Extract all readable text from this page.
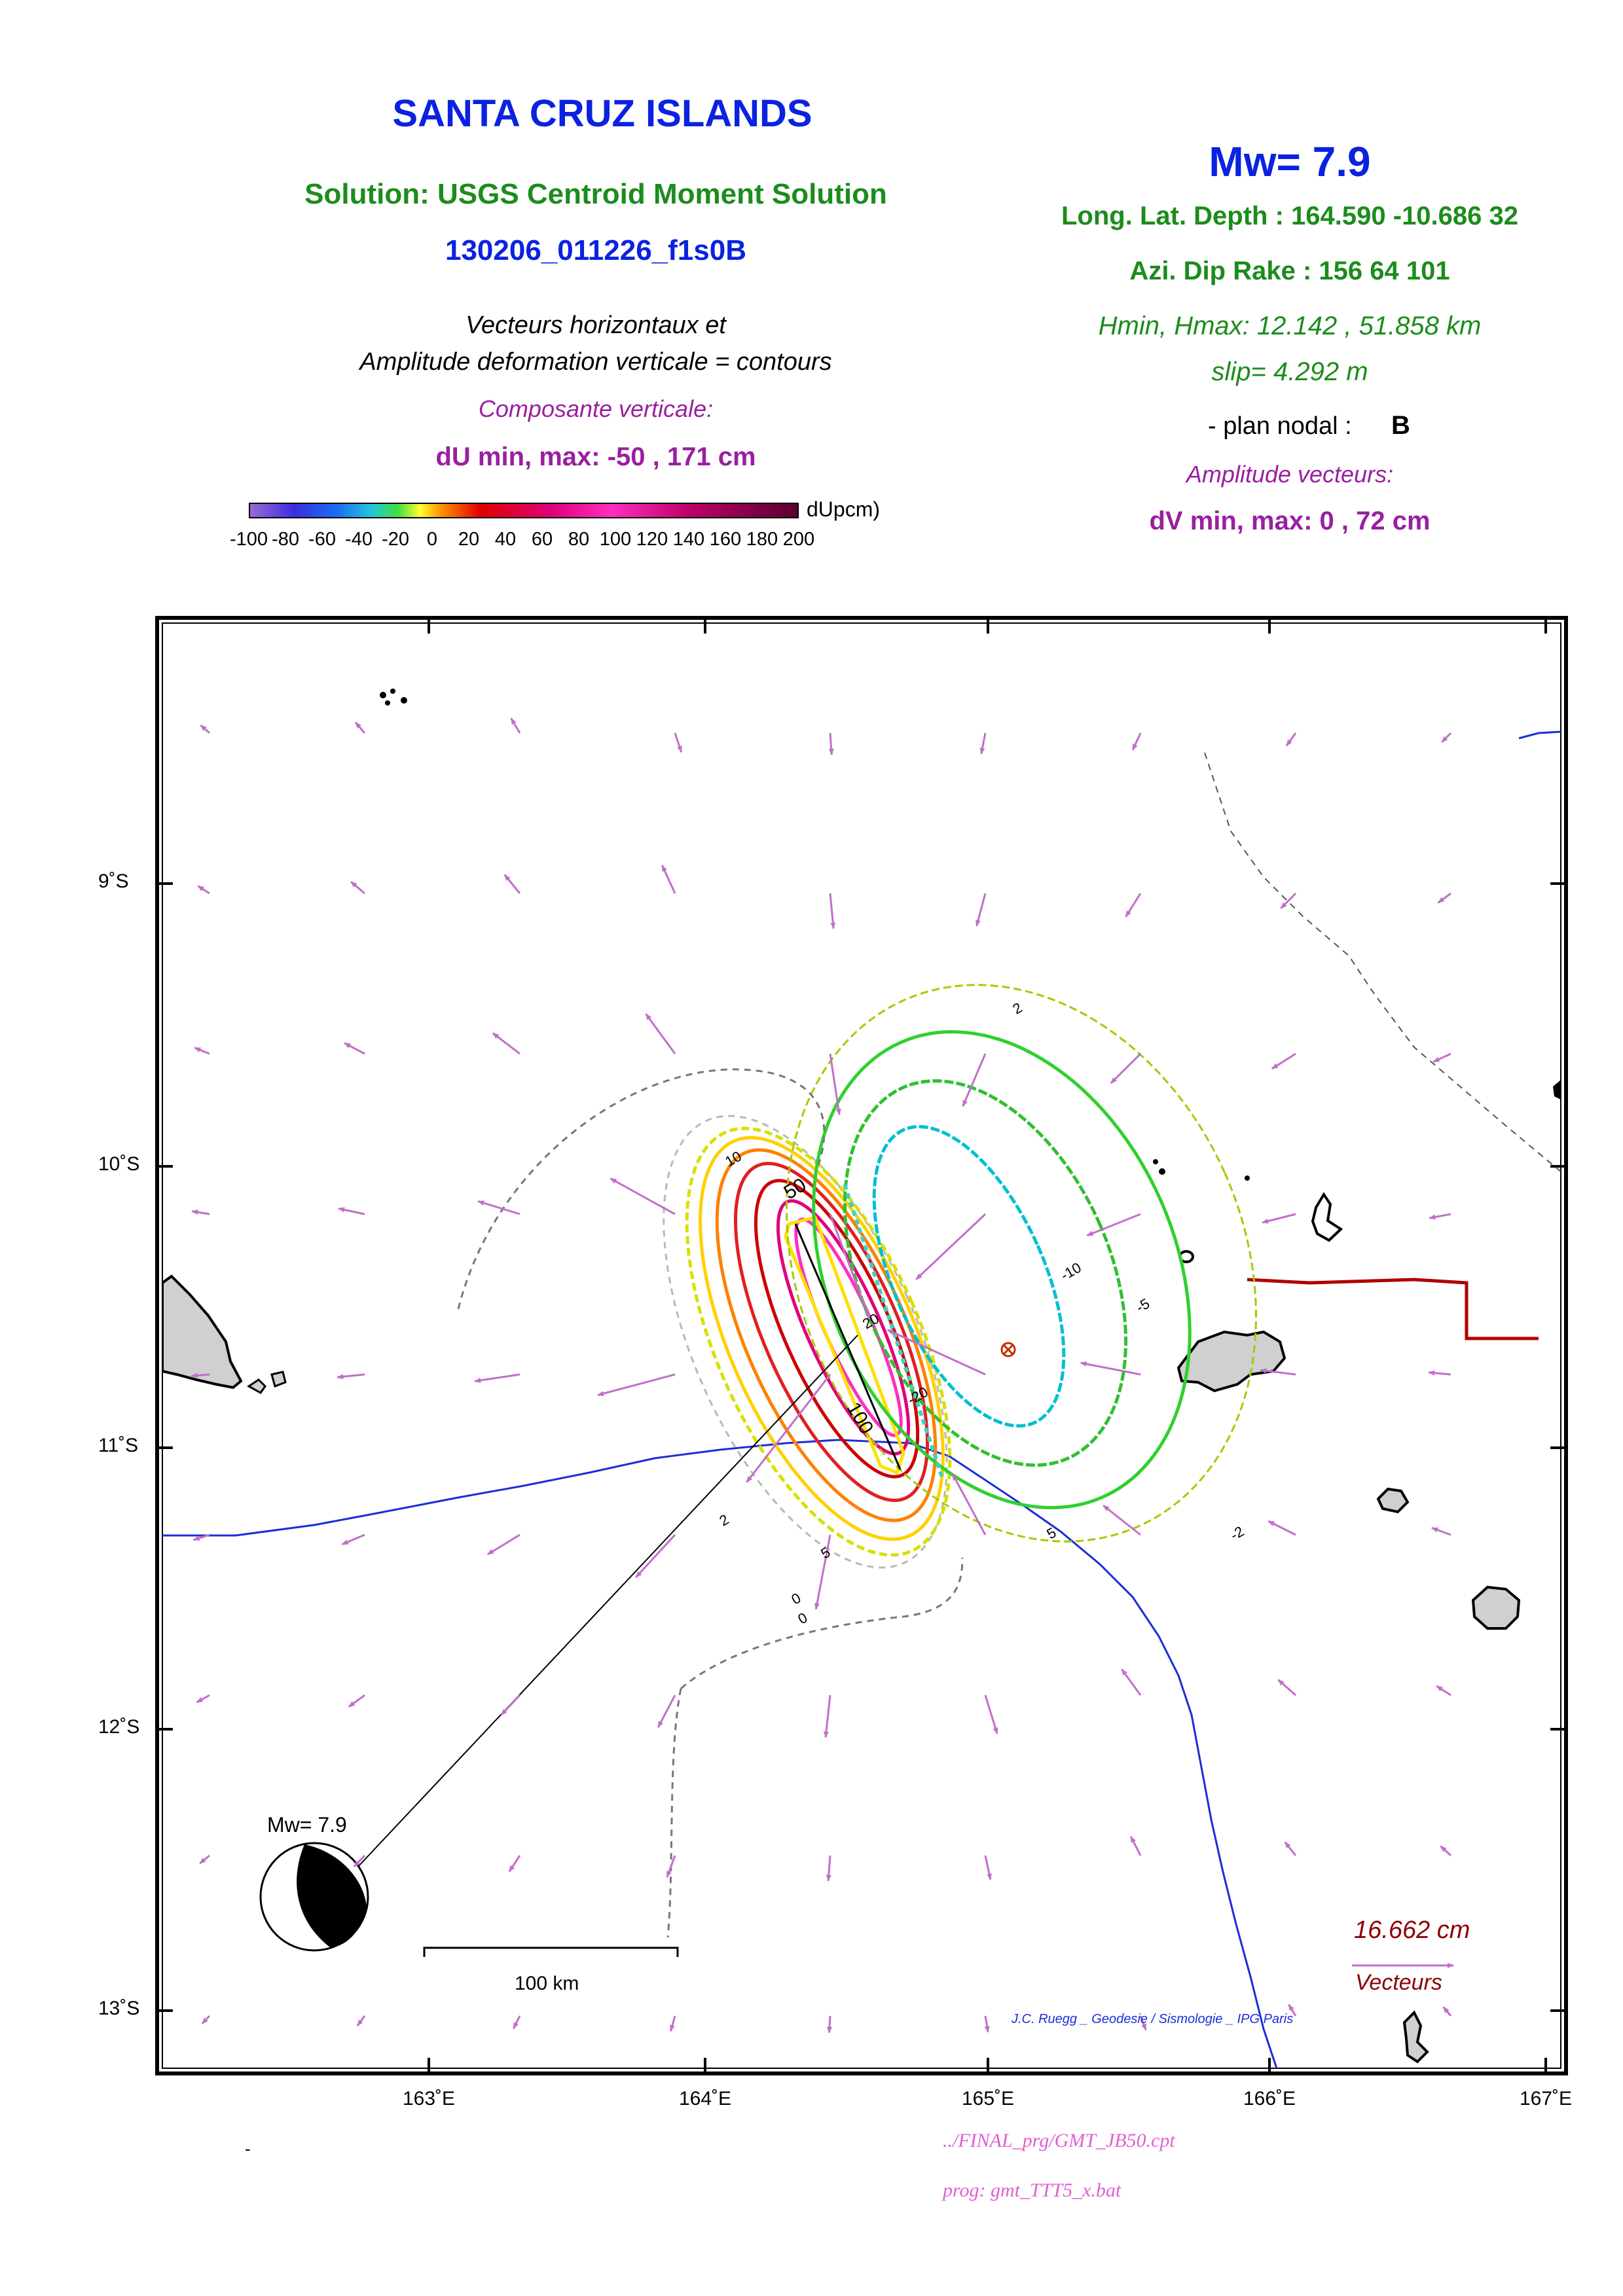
SANTA CRUZ ISLANDS
Solution: USGS Centroid Moment Solution
130206_011226_f1s0B
Vecteurs horizontaux et
Amplitude deformation verticale = contours
Composante verticale:
dU min, max: -50 , 171 cm
Mw= 7.9
Long. Lat. Depth : 164.590 -10.686 32
Azi. Dip Rake : 156 64 101
Hmin, Hmax: 12.142 , 51.858 km
slip= 4.292 m
- plan nodal : B
Amplitude vecteurs:
dV min, max: 0 , 72 cm
dUpcm)
-100 -80 -60 -40 -20 0 20 40 60 80 100 120 140 160 180 200
163˚E	164˚E	165˚E	166˚E	167˚E
9˚S
10˚S
11˚S
12˚S
13˚S
2
10
50
100
-10
-5
-2
5
0
20
-20
2
0
5
Mw= 7.9
100 km
16.662 cm
Vecteurs
J.C. Ruegg _ Geodesie / Sismologie _ IPG Paris
-	../FINAL_prg/GMT_JB50.cpt
prog: gmt_TTT5_x.bat
